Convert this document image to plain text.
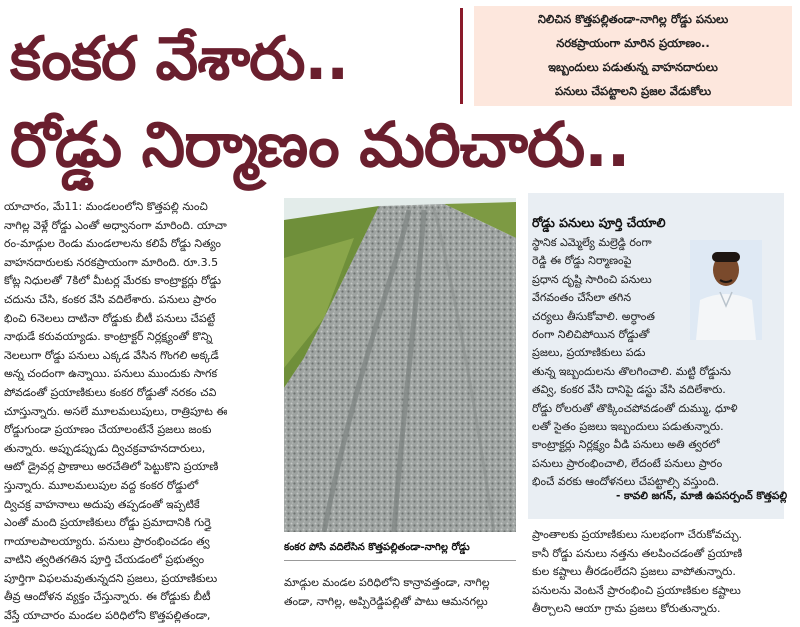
కంకర వేశారు..
రోడ్డు నిర్మాణం మరిచారు..
నిలిచిన కొత్తపల్లితండా-నాగిల్ల రోడ్డు పనులు
నరకప్రాయంగా మారిన ప్రయాణం..
ఇబ్బందులు పడుతున్న వాహనదారులు
పనులు చేపట్టాలని ప్రజల వేడుకోలు
యాచారం, మే11: మండలంలోని కొత్తపల్లి నుంచి
నాగిల్ల వెళ్లే రోడ్డు ఎంతో అధ్వానంగా మారింది. యాచా
రం-మాడ్గుల రెండు మండలాలను కలిపే రోడ్డు నిత్యం
వాహనదారులకు నరకప్రాయంగా మారింది. రూ.3.5
కోట్ల నిధులతో 7కిలో మీటర్ల మేరకు కాంట్రాక్టర్లు రోడ్డు
చదును చేసి, కంకర వేసి వదిలేశారు. పనులు ప్రారం
భించి 6నెలలు దాటినా రోడ్డుకు బీటీ పనులు చేపట్టే
నాథుడే కరువయ్యాడు. కాంట్రాక్టర్ నిర్లక్ష్యంతో కొన్ని
నెలలుగా రోడ్డు పనులు ఎక్కడ వేసిన గొంగలి అక్కడే
అన్న చందంగా ఉన్నాయి. పనులు ముందుకు సాగక
పోవడంతో ప్రయాణికులు కంకర రోడ్డుతో నరకం చవి
చూస్తున్నారు. అసలే మూలమలుపులు, రాత్రిపూట ఈ
రోడ్డుగుండా ప్రయాణం చేయాలంటేనే ప్రజలు జంకు
తున్నారు. అప్పుడప్పుడు ద్విచక్రవాహనదారులు,
ఆటో డ్రైవర్ల ప్రాణాలు అరచేతిలో పెట్టుకొని ప్రయాణి
స్తున్నారు. మూలమలుపుల వద్ద కంకర రోడ్డులో
ద్విచక్ర వాహనాలు అదుపు తప్పడంతో ఇప్పటికే
ఎంతో మంది ప్రయాణికులు రోడ్డు ప్రమాదానికి గుర్తై
గాయాలపాలయ్యారు. పనులు ప్రారంభించడం త్వ
వాటిని త్వరితగతిన పూర్తి చేయడంలో ప్రభుత్వం
పూర్తిగా విఫలమవుతున్నదని ప్రజలు, ప్రయాణికులు
తీవ్ర ఆందోళన వ్యక్తం చేస్తున్నారు. ఈ రోడ్డుకు బీటీ
వేస్తే యాచారం మండల పరిధిలోని కొత్తపల్లితండా,
కంకర పోసి వదిలేసిన కొత్తపల్లితండా-నాగిల్ల రోడ్డు
రోడ్డు పనులు పూర్తి చేయాలి
స్థానిక ఎమ్మెల్యే మల్రెడ్డి రంగా
రెడ్డి ఈ రోడ్డు నిర్మాణంపై
ప్రధాన దృష్టి సారించి పనులు
వేగవంతం చేసేలా తగిన
చర్యలు తీసుకోవాలి. అర్ధాంత
రంగా నిలిచిపోయిన రోడ్డుతో
ప్రజలు, ప్రయాణికులు పడు
తున్న ఇబ్బందులను తొలగించాలి. మట్టి రోడ్డును
తవ్వి, కంకర వేసి దానిపై డస్టు వేసి వదిలేశారు.
రోడ్డు రోలరుతో తొక్కించపోవడంతో దుమ్ము, ధూళి
లతో సైతం ప్రజలు ఇబ్బందులు పడుతున్నారు.
కాంట్రాక్టర్లు నిర్లక్ష్యం వీడి పనులు అతి త్వరలో
పనులు ప్రారంభించాలి, లేదంటే పనులు ప్రారం
భించే వరకు ఆందోళనలు చేపట్టాల్సి వస్తుంది.
- కావలి జగన్, మాజీ ఉపసర్పంచ్ కొత్తపల్లి
ప్రాంతాలకు ప్రయాణికులు సులభంగా చేరుకోవచ్చు.
కానీ రోడ్డు పనులు నత్తను తలపించడంతో ప్రయాణి
కుల కష్టాలు తీరడంలేదని ప్రజలు వాపోతున్నారు.
పనులను వెంటనే ప్రారంభించి ప్రయాణికుల కష్టాలు
తీర్చాలని ఆయా గ్రామ ప్రజలు కోరుతున్నారు.
మాడ్గుల మండల పరిధిలోని కాన్రావత్తండా, నాగిల్ల
తండా, నాగిల్ల, అప్పిరెడ్డిపల్లితో పాటు ఆమనగల్లు
